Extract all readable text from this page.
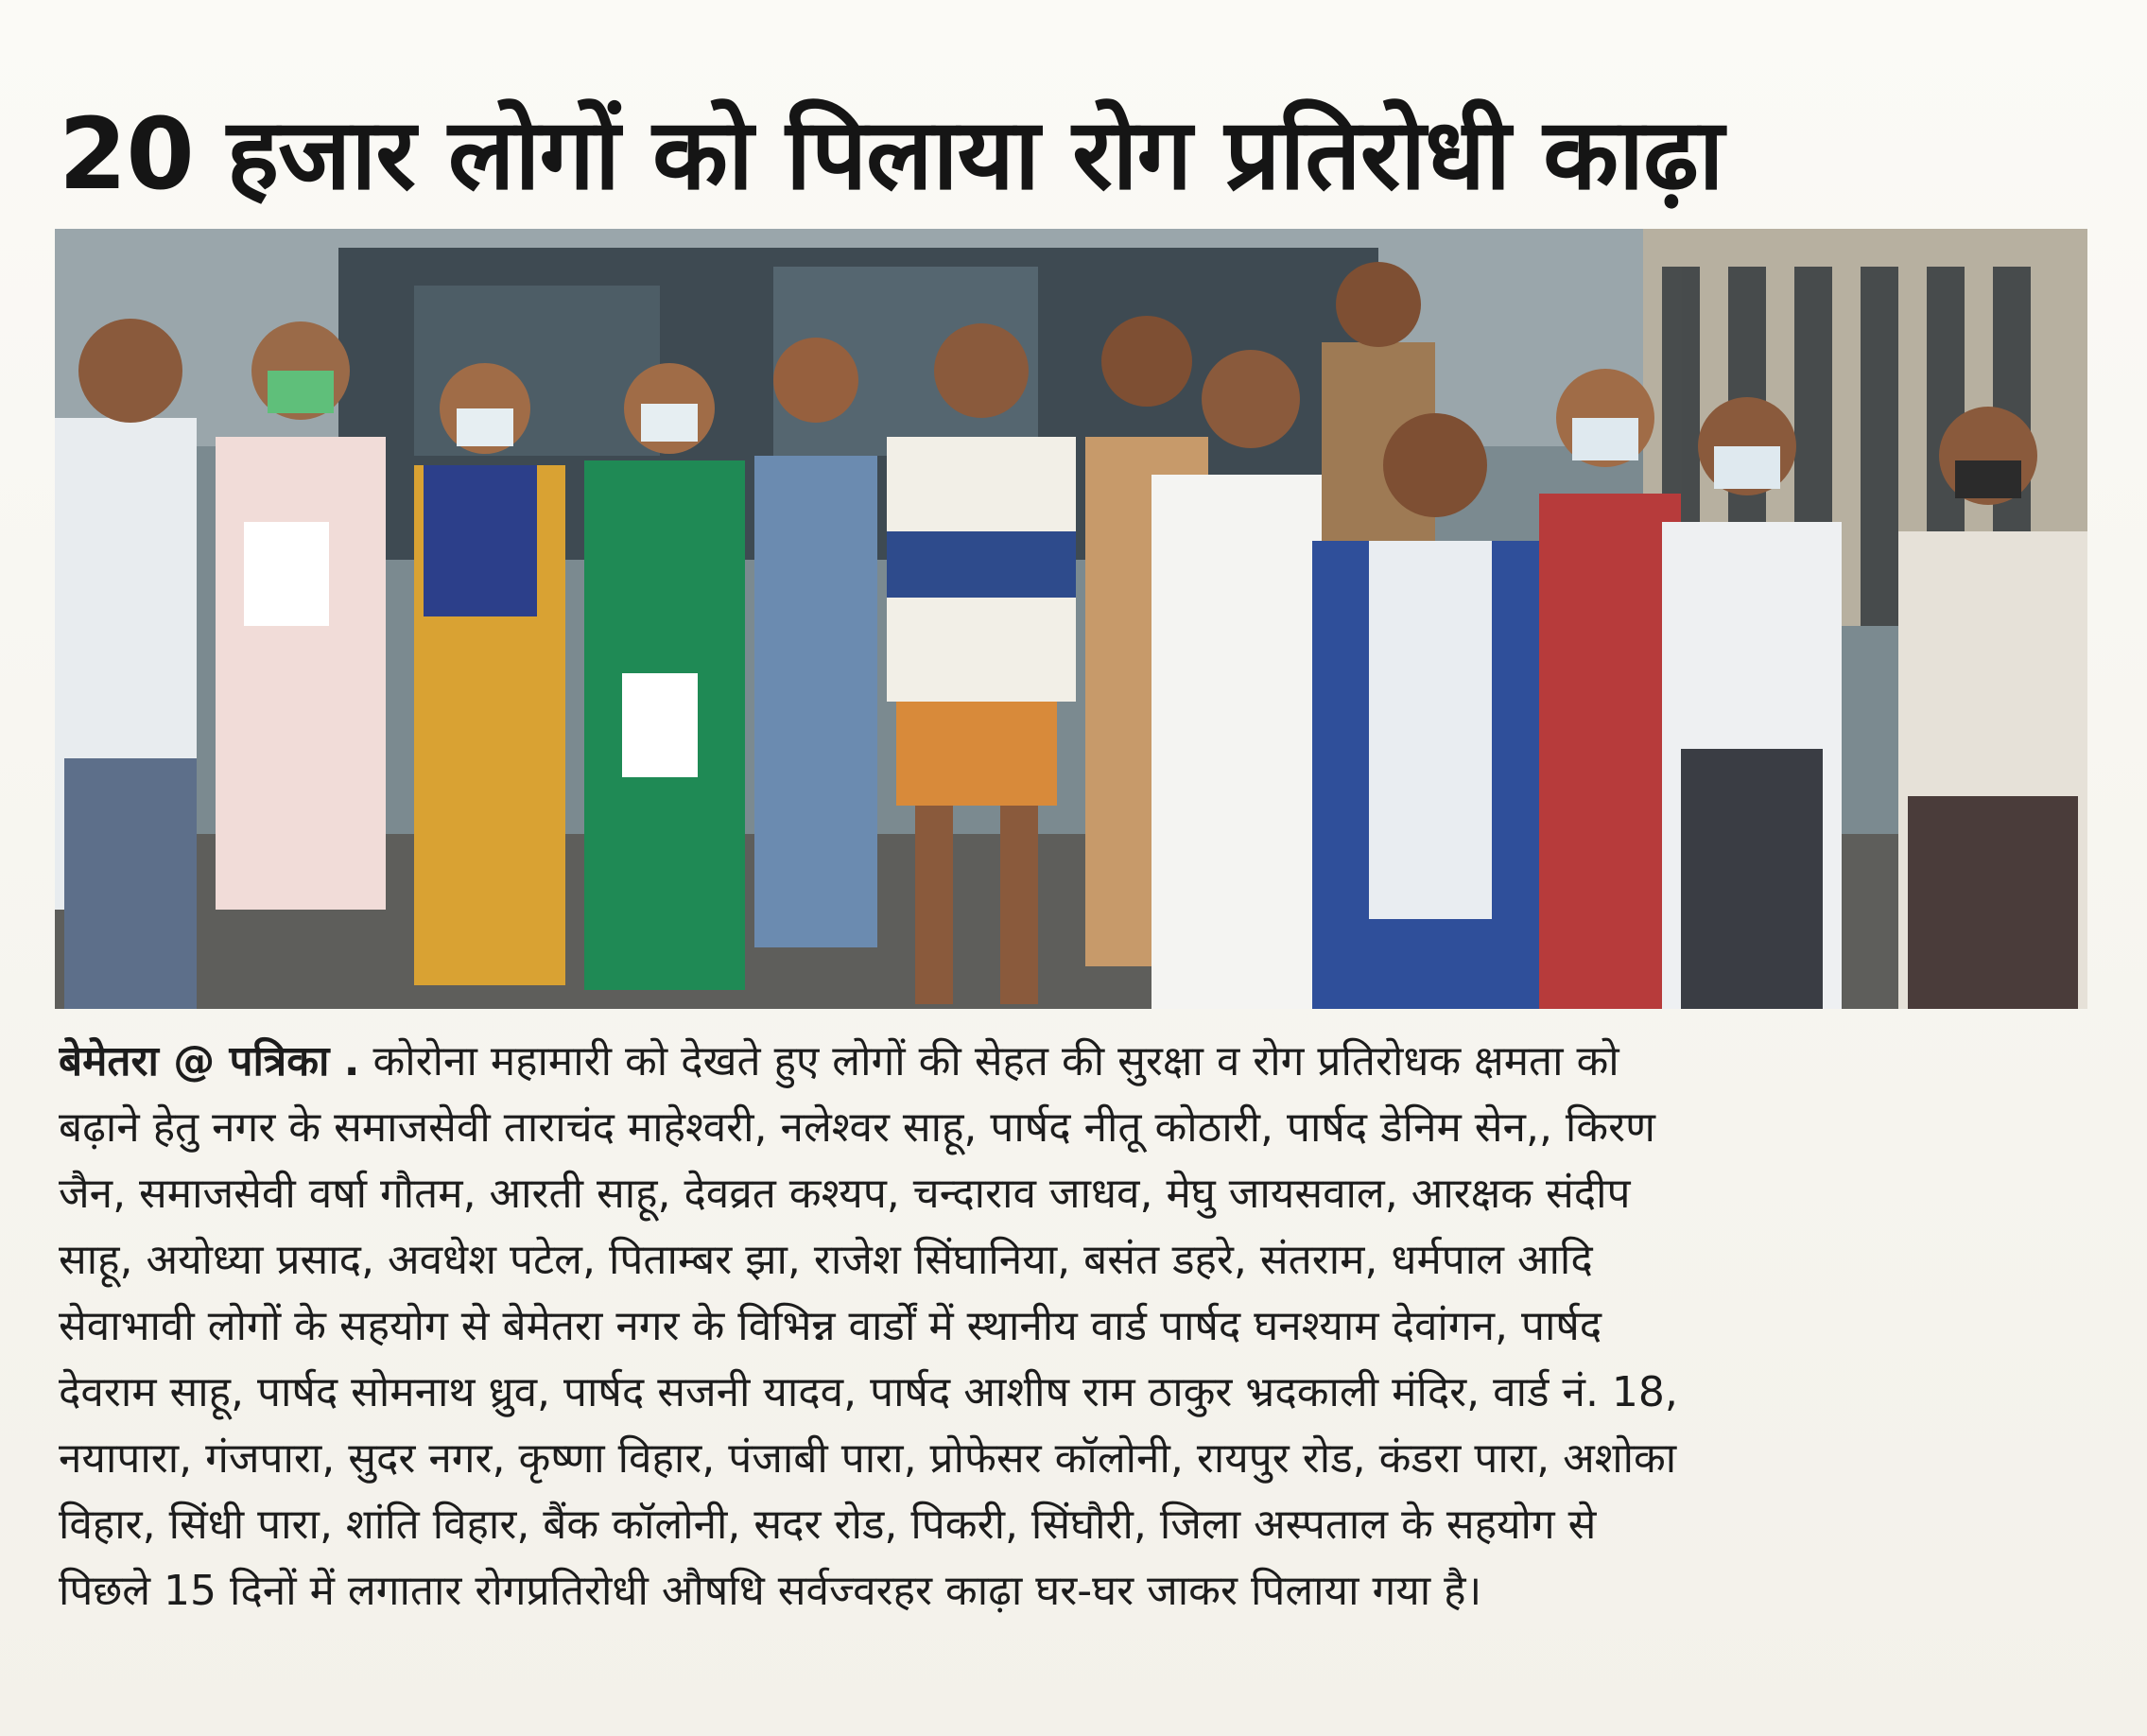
20 हजार लोगों को पिलाया रोग प्रतिरोधी काढ़ा
बेमेतरा @ पत्रिका . कोरोना महामारी को देखते हुए लोगों की सेहत की सुरक्षा व रोग प्रतिरोधक क्षमता को
बढ़ाने हेतु नगर के समाजसेवी ताराचंद माहेश्वरी, नलेश्वर साहू, पार्षद नीतू कोठारी, पार्षद डेनिम सेन,, किरण
जैन, समाजसेवी वर्षा गौतम, आरती साहू, देवव्रत कश्यप, चन्दाराव जाधव, मेघु जायसवाल, आरक्षक संदीप
साहू, अयोध्या प्रसाद, अवधेश पटेल, पिताम्बर झा, राजेश सिंघानिया, बसंत डहरे, संतराम, धर्मपाल आदि
सेवाभावी लोगों के सहयोग से बेमेतरा नगर के विभिन्न वार्डों में स्थानीय वार्ड पार्षद घनश्याम देवांगन, पार्षद
देवराम साहू, पार्षद सोमनाथ ध्रुव, पार्षद सजनी यादव, पार्षद आशीष राम ठाकुर भ्रदकाली मंदिर, वार्ड नं. 18,
नयापारा, गंजपारा, सुदर नगर, कृष्णा विहार, पंजाबी पारा, प्रोफेसर कॉलोनी, रायपुर रोड, कंडरा पारा, अशोका
विहार, सिंधी पारा, शांति विहार, बैंक कॉलोनी, सदर रोड, पिकरी, सिंघौरी, जिला अस्पताल के सहयोग से
पिछले 15 दिनों में लगातार रोगप्रतिरोधी औषधि सर्वज्वरहर काढ़ा घर-घर जाकर पिलाया गया है।
